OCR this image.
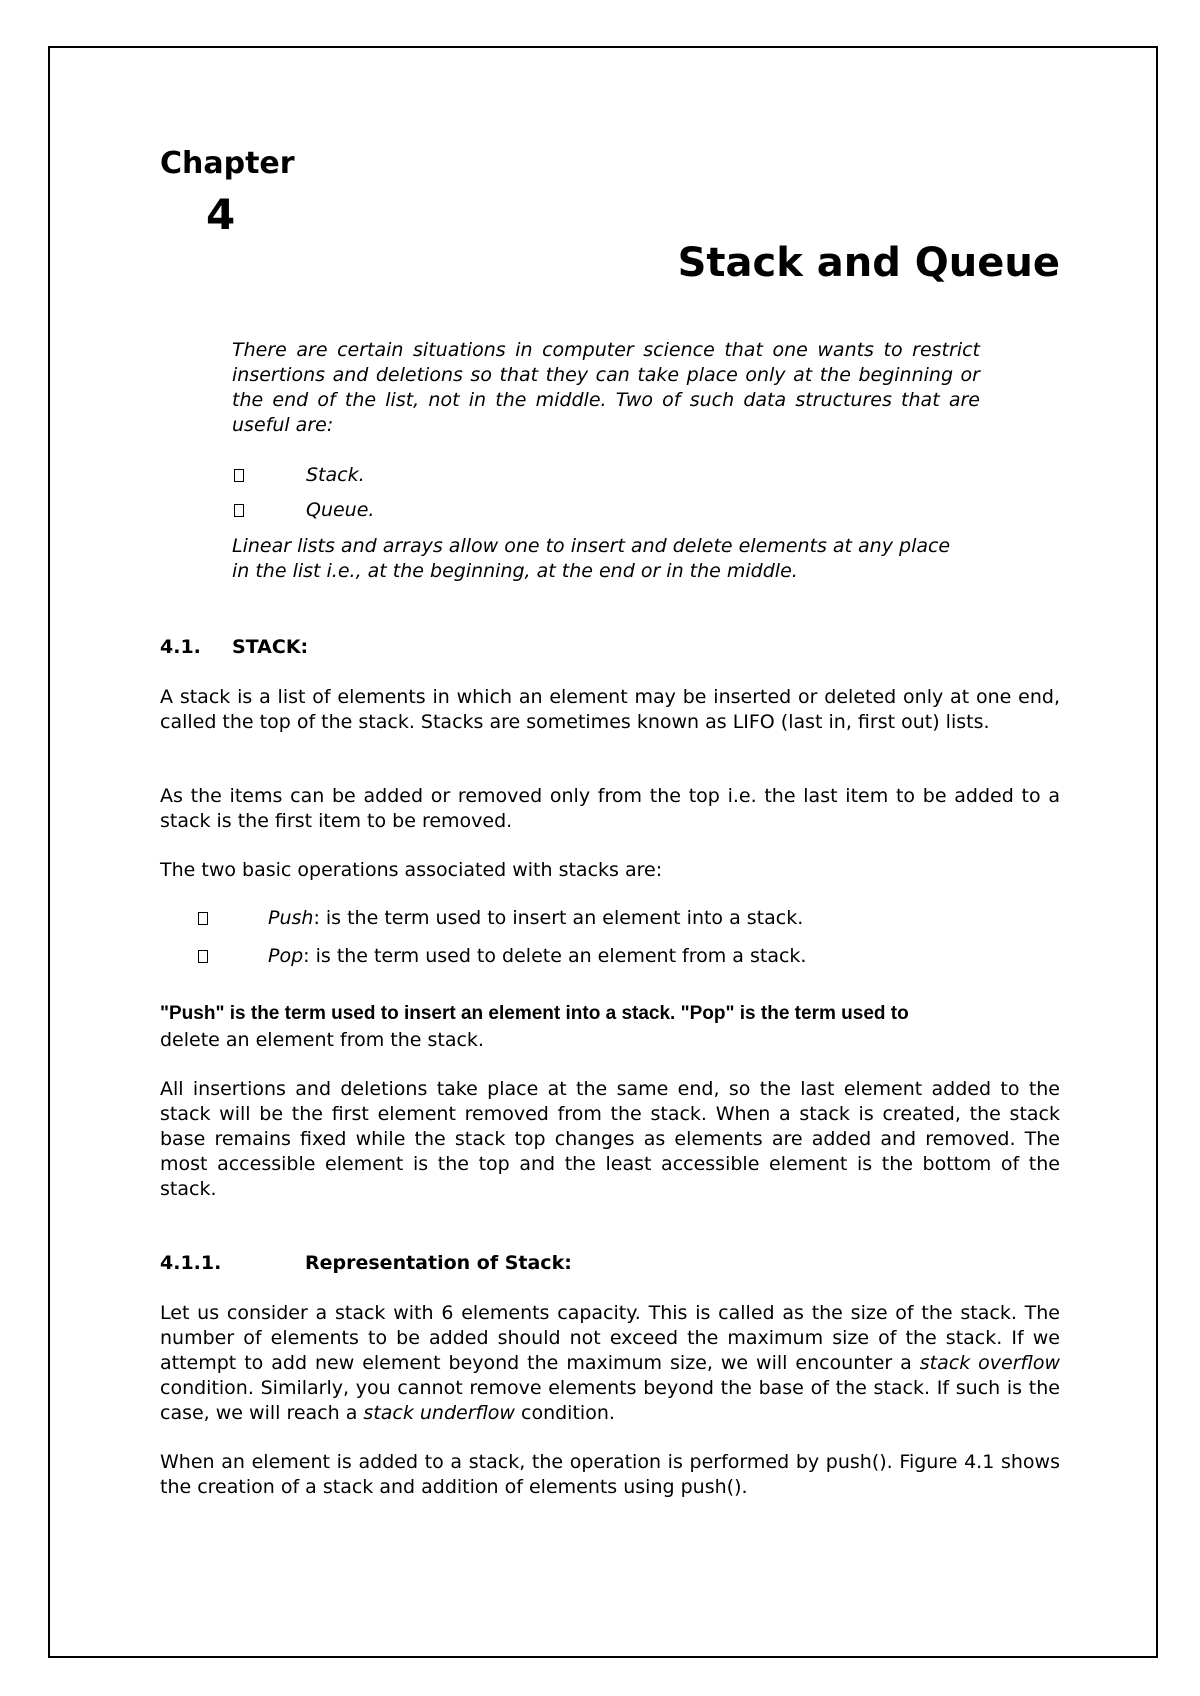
Chapter
4
Stack and Queue
There are certain situations in computer science that one wants to restrict insertions and deletions so that they can take place only at the beginning or the end of the list, not in the middle. Two of such data structures that are useful are:
Stack.
Queue.
Linear lists and arrays allow one to insert and delete elements at any place in the list i.e., at the beginning, at the end or in the middle.
4.1. STACK:
A stack is a list of elements in which an element may be inserted or deleted only at one end, called the top of the stack. Stacks are sometimes known as LIFO (last in, first out) lists.
As the items can be added or removed only from the top i.e. the last item to be added to a stack is the first item to be removed.
The two basic operations associated with stacks are:
Push: is the term used to insert an element into a stack.
Pop: is the term used to delete an element from a stack.
"Push" is the term used to insert an element into a stack. "Pop" is the term used to
delete an element from the stack.
All insertions and deletions take place at the same end, so the last element added to the stack will be the first element removed from the stack. When a stack is created, the stack base remains fixed while the stack top changes as elements are added and removed. The most accessible element is the top and the least accessible element is the bottom of the stack.
4.1.1.	Representation of Stack:
Let us consider a stack with 6 elements capacity. This is called as the size of the stack. The number of elements to be added should not exceed the maximum size of the stack. If we attempt to add new element beyond the maximum size, we will encounter a stack overflow condition. Similarly, you cannot remove elements beyond the base of the stack. If such is the case, we will reach a stack underflow condition.
When an element is added to a stack, the operation is performed by push(). Figure 4.1 shows the creation of a stack and addition of elements using push().
